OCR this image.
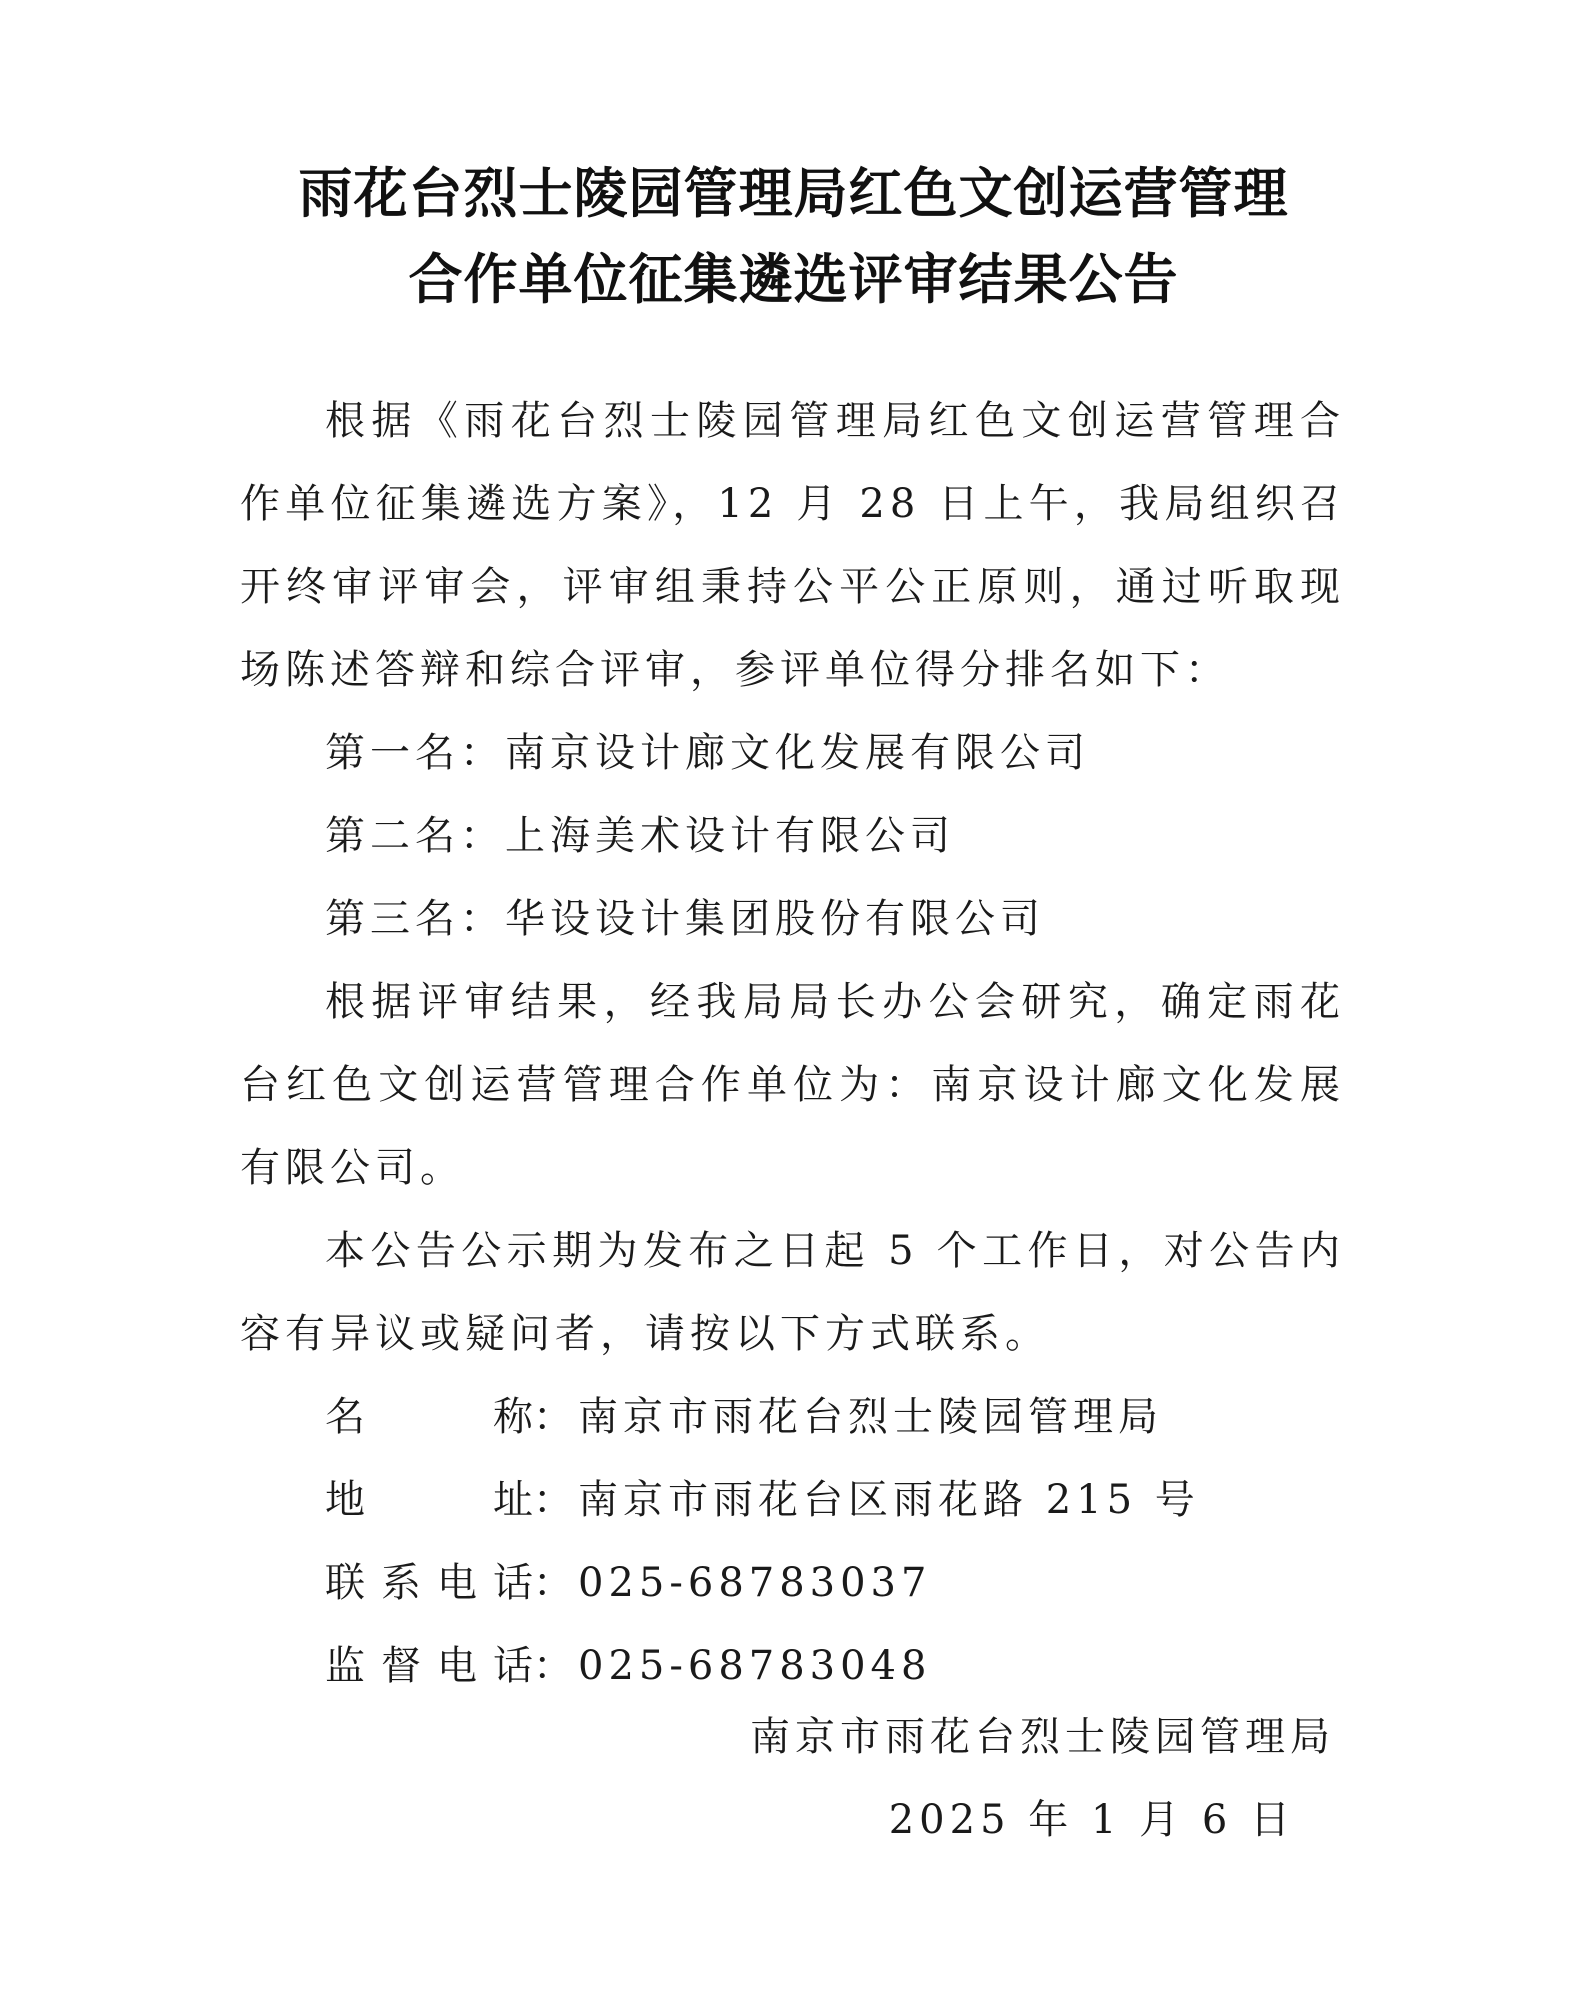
雨花台烈士陵园管理局红色文创运营管理
合作单位征集遴选评审结果公告

根据《雨花台烈士陵园管理局红色文创运营管理合作单位征集遴选方案》，12 月 28 日上午，我局组织召开终审评审会，评审组秉持公平公正原则，通过听取现场陈述答辩和综合评审，参评单位得分排名如下：

第一名：南京设计廊文化发展有限公司

第二名：上海美术设计有限公司

第三名：华设设计集团股份有限公司

根据评审结果，经我局局长办公会研究，确定雨花台红色文创运营管理合作单位为：南京设计廊文化发展有限公司。

本公告公示期为发布之日起 5 个工作日，对公告内容有异议或疑问者，请按以下方式联系。

名称：南京市雨花台烈士陵园管理局

地址：南京市雨花台区雨花路 215 号

联系电话：025-68783037

监督电话：025-68783048

南京市雨花台烈士陵园管理局
2025 年 1 月 6 日
